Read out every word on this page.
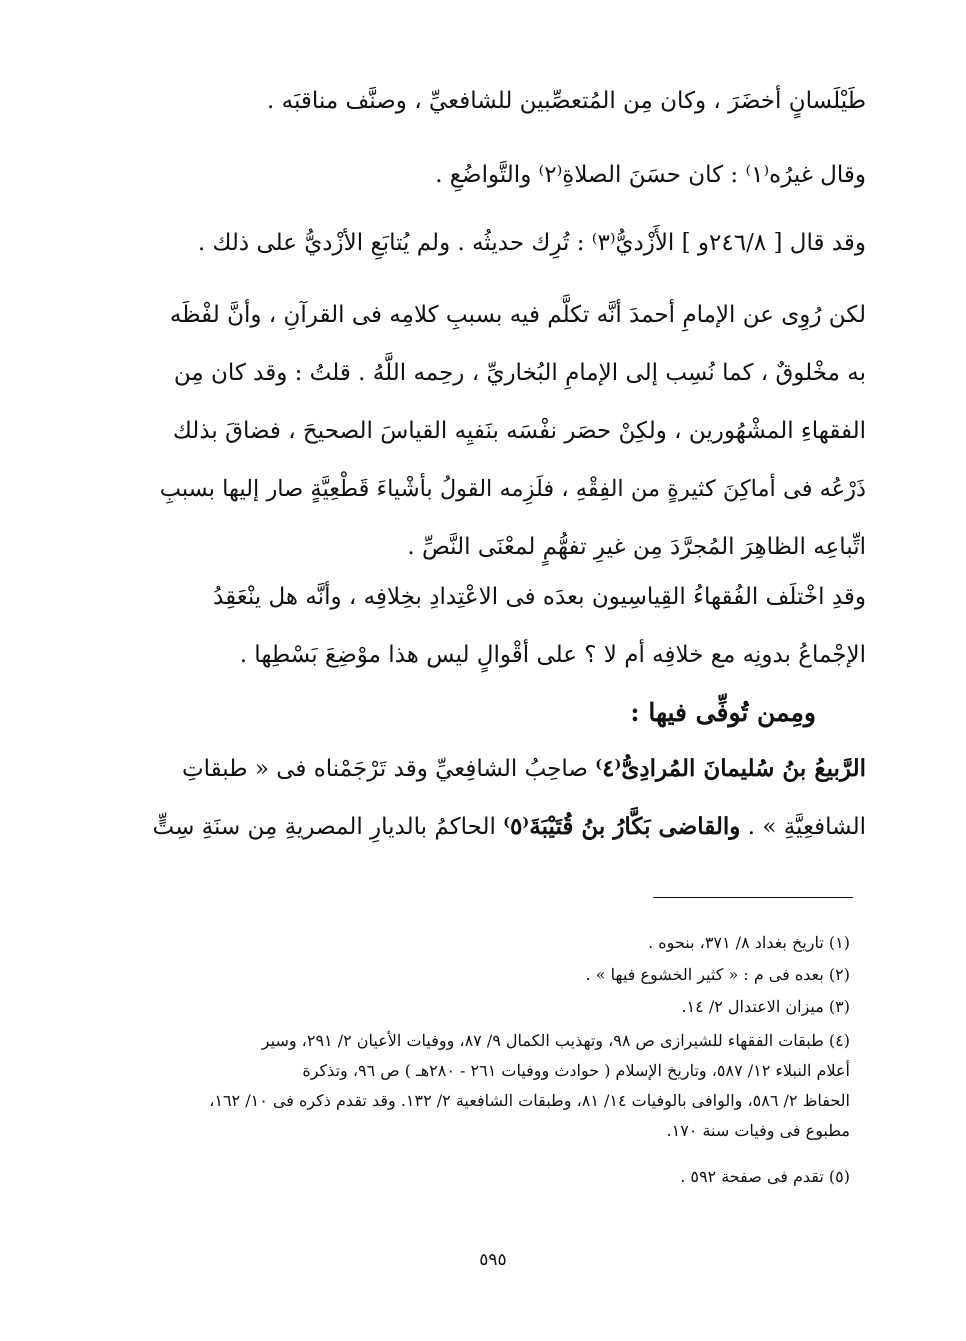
طَيْلَسانٍ أخضَرَ ، وكان مِن المُتعصِّبين للشافعيِّ ، وصنَّف مناقبَه .
وقال غيرُه⁽١⁾ : كان حسَنَ الصلاةِ⁽٢⁾ والتَّواضُعِ .
وقد قال [ ٢٤٦/٨و ] الأَزْديُّ⁽٣⁾ : تُرِك حديثُه . ولم يُتابَعِ الأزْديُّ على ذلك .
لكن رُوِى عن الإمامِ أحمدَ أنَّه تكلَّم فيه بسببِ كلامِه فى القرآنِ ، وأنَّ لفْظَه
به مخْلوقٌ ، كما نُسِب إلى الإمامِ البُخاريِّ ، رحِمه اللَّهُ . قلتُ : وقد كان مِن
الفقهاءِ المشْهُورين ، ولكِنْ حصَر نفْسَه بنَفيِه القياسَ الصحيحَ ، فضاقَ بذلك
ذَرْعُه فى أماكِنَ كثيرةٍ من الفِقْهِ ، فلَزِمه القولُ بأشْياءَ قَطْعِيَّةٍ صار إليها بسببِ
اتِّباعِه الظاهِرَ المُجرَّدَ مِن غيرِ تفهُّمٍ لمعْنَى النَّصِّ .
وقدِ اخْتلَف الفُقهاءُ القِياسِيون بعدَه فى الاعْتِدادِ بخِلافِه ، وأنَّه هل ينْعَقِدُ
الإجْماعُ بدونِه مع خلافِه أم لا ؟ على أقْوالٍ ليس هذا موْضِعَ بَسْطِها .
ومِمن تُوفِّى فيها :
الرَّبيعُ بنُ سُليمانَ المُرادِىُّ⁽٤⁾ صاحِبُ الشافِعيِّ وقد تَرْجَمْناه فى « طبقاتِ
الشافعِيَّةِ » . والقاضى بَكَّارُ بنُ قُتَيْبَةَ⁽٥⁾ الحاكمُ بالديارِ المصريةِ مِن سنَةِ سِتٍّ
(١) تاريخ بغداد ٨/ ٣٧١، بنحوه .
(٢) بعده فى م : « كثير الخشوع فيها » .
(٣) ميزان الاعتدال ٢/ ١٤.
(٤) طبقات الفقهاء للشيرازى ص ٩٨، وتهذيب الكمال ٩/ ٨٧، ووفيات الأعيان ٢/ ٢٩١، وسير
أعلام النبلاء ١٢/ ٥٨٧، وتاريخ الإسلام ( حوادث ووفيات ٢٦١ - ٢٨٠هـ ) ص ٩٦، وتذكرة
الحفاظ ٢/ ٥٨٦، والوافى بالوفيات ١٤/ ٨١، وطبقات الشافعية ٢/ ١٣٢. وقد تقدم ذكره فى ١٠/ ١٦٢،
مطبوع فى وفيات سنة ١٧٠.
(٥) تقدم فى صفحة ٥٩٢ .
٥٩٥
